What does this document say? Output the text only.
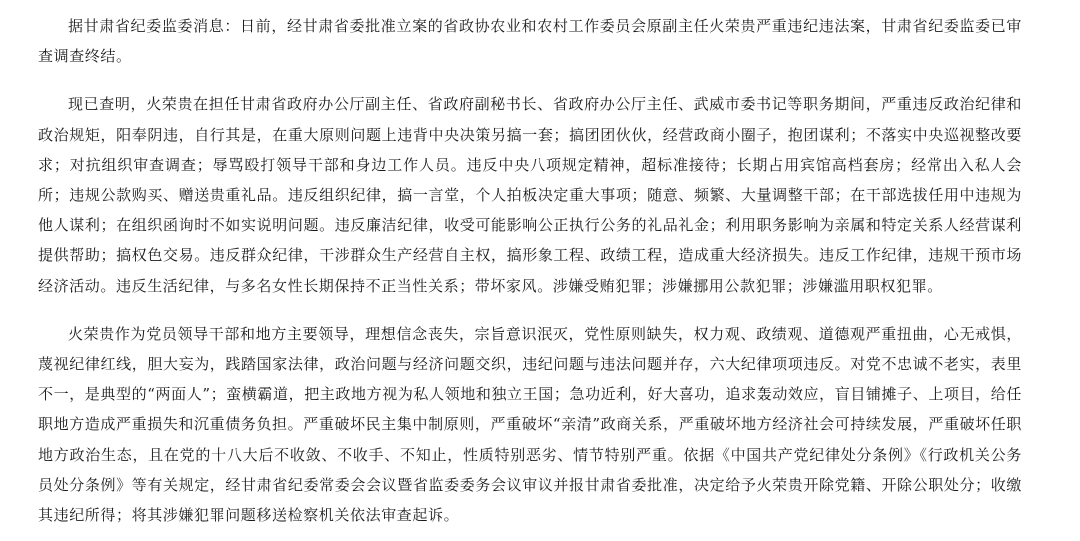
据甘肃省纪委监委消息：日前，经甘肃省委批准立案的省政协农业和农村工作委员会原副主任火荣贵严重违纪违法案，甘肃省纪委监委已审查调查终结。

现已查明，火荣贵在担任甘肃省政府办公厅副主任、省政府副秘书长、省政府办公厅主任、武威市委书记等职务期间，严重违反政治纪律和政治规矩，阳奉阴违，自行其是，在重大原则问题上违背中央决策另搞一套；搞团团伙伙，经营政商小圈子，抱团谋利；不落实中央巡视整改要求；对抗组织审查调查；辱骂殴打领导干部和身边工作人员。违反中央八项规定精神，超标准接待；长期占用宾馆高档套房；经常出入私人会所；违规公款购买、赠送贵重礼品。违反组织纪律，搞一言堂，个人拍板决定重大事项；随意、频繁、大量调整干部；在干部选拔任用中违规为他人谋利；在组织函询时不如实说明问题。违反廉洁纪律，收受可能影响公正执行公务的礼品礼金；利用职务影响为亲属和特定关系人经营谋利提供帮助；搞权色交易。违反群众纪律，干涉群众生产经营自主权，搞形象工程、政绩工程，造成重大经济损失。违反工作纪律，违规干预市场经济活动。违反生活纪律，与多名女性长期保持不正当性关系；带坏家风。涉嫌受贿犯罪；涉嫌挪用公款犯罪；涉嫌滥用职权犯罪。

火荣贵作为党员领导干部和地方主要领导，理想信念丧失，宗旨意识泯灭，党性原则缺失，权力观、政绩观、道德观严重扭曲，心无戒惧，蔑视纪律红线，胆大妄为，践踏国家法律，政治问题与经济问题交织，违纪问题与违法问题并存，六大纪律项项违反。对党不忠诚不老实，表里不一，是典型的“两面人”；蛮横霸道，把主政地方视为私人领地和独立王国；急功近利，好大喜功，追求轰动效应，盲目铺摊子、上项目，给任职地方造成严重损失和沉重债务负担。严重破坏民主集中制原则，严重破坏“亲清”政商关系，严重破坏地方经济社会可持续发展，严重破坏任职地方政治生态，且在党的十八大后不收敛、不收手、不知止，性质特别恶劣、情节特别严重。依据《中国共产党纪律处分条例》《行政机关公务员处分条例》等有关规定，经甘肃省纪委常委会会议暨省监委委务会议审议并报甘肃省委批准，决定给予火荣贵开除党籍、开除公职处分；收缴其违纪所得；将其涉嫌犯罪问题移送检察机关依法审查起诉。
